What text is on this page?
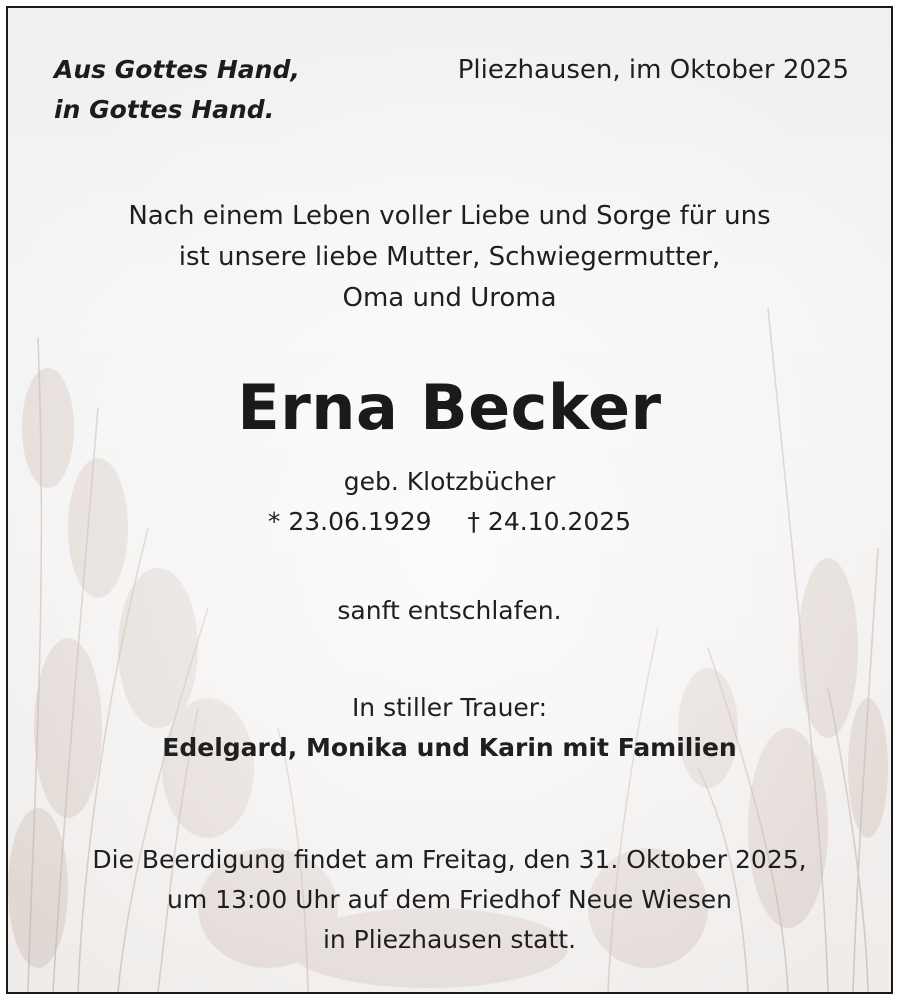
Aus Gottes Hand,
in Gottes Hand.
Pliezhausen, im Oktober 2025
Nach einem Leben voller Liebe und Sorge für uns
ist unsere liebe Mutter, Schwiegermutter,
Oma und Uroma
Erna Becker
geb. Klotzbücher
* 23.06.1929 † 24.10.2025
sanft entschlafen.
In stiller Trauer:
Edelgard, Monika und Karin mit Familien
Die Beerdigung findet am Freitag, den 31. Oktober 2025,
um 13:00 Uhr auf dem Friedhof Neue Wiesen
in Pliezhausen statt.
